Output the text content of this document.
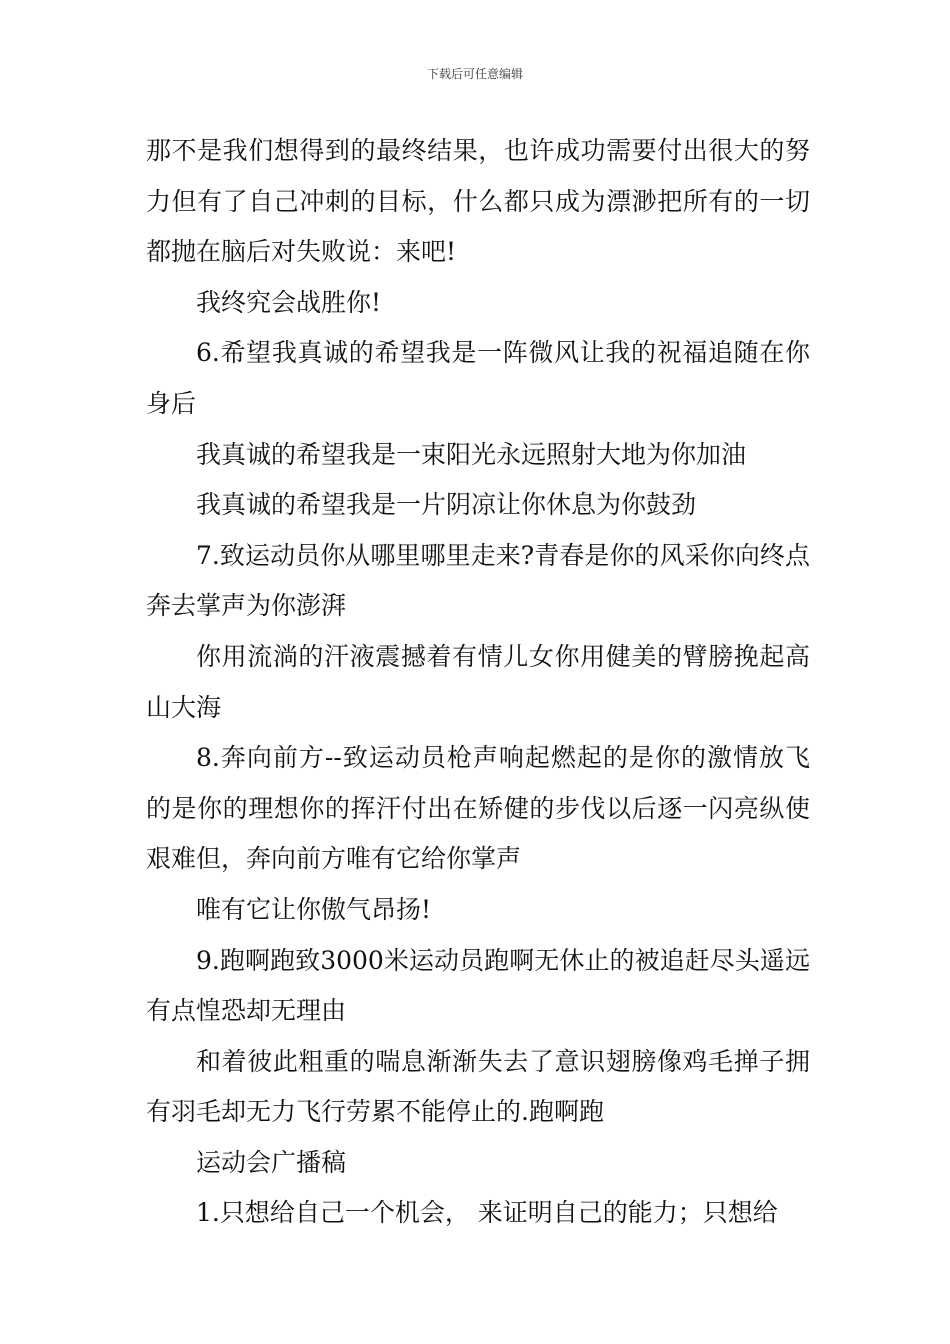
下载后可任意编辑

那不是我们想得到的最终结果，也许成功需要付出很大的努力但有了自己冲刺的目标，什么都只成为漂渺把所有的一切都抛在脑后对失败说：来吧!

我终究会战胜你!

6.希望我真诚的希望我是一阵微风让我的祝福追随在你身后

我真诚的希望我是一束阳光永远照射大地为你加油

我真诚的希望我是一片阴凉让你休息为你鼓劲

7.致运动员你从哪里哪里走来?青春是你的风采你向终点奔去掌声为你澎湃

你用流淌的汗液震撼着有情儿女你用健美的臂膀挽起高山大海

8.奔向前方--致运动员枪声响起燃起的是你的激情放飞的是你的理想你的挥汗付出在矫健的步伐以后逐一闪亮纵使艰难但，奔向前方唯有它给你掌声

唯有它让你傲气昂扬!

9.跑啊跑致3000米运动员跑啊无休止的被追赶尽头遥远有点惶恐却无理由

和着彼此粗重的喘息渐渐失去了意识翅膀像鸡毛掸子拥有羽毛却无力飞行劳累不能停止的.跑啊跑

运动会广播稿

1.只想给自己一个机会， 来证明自己的能力；只想给
